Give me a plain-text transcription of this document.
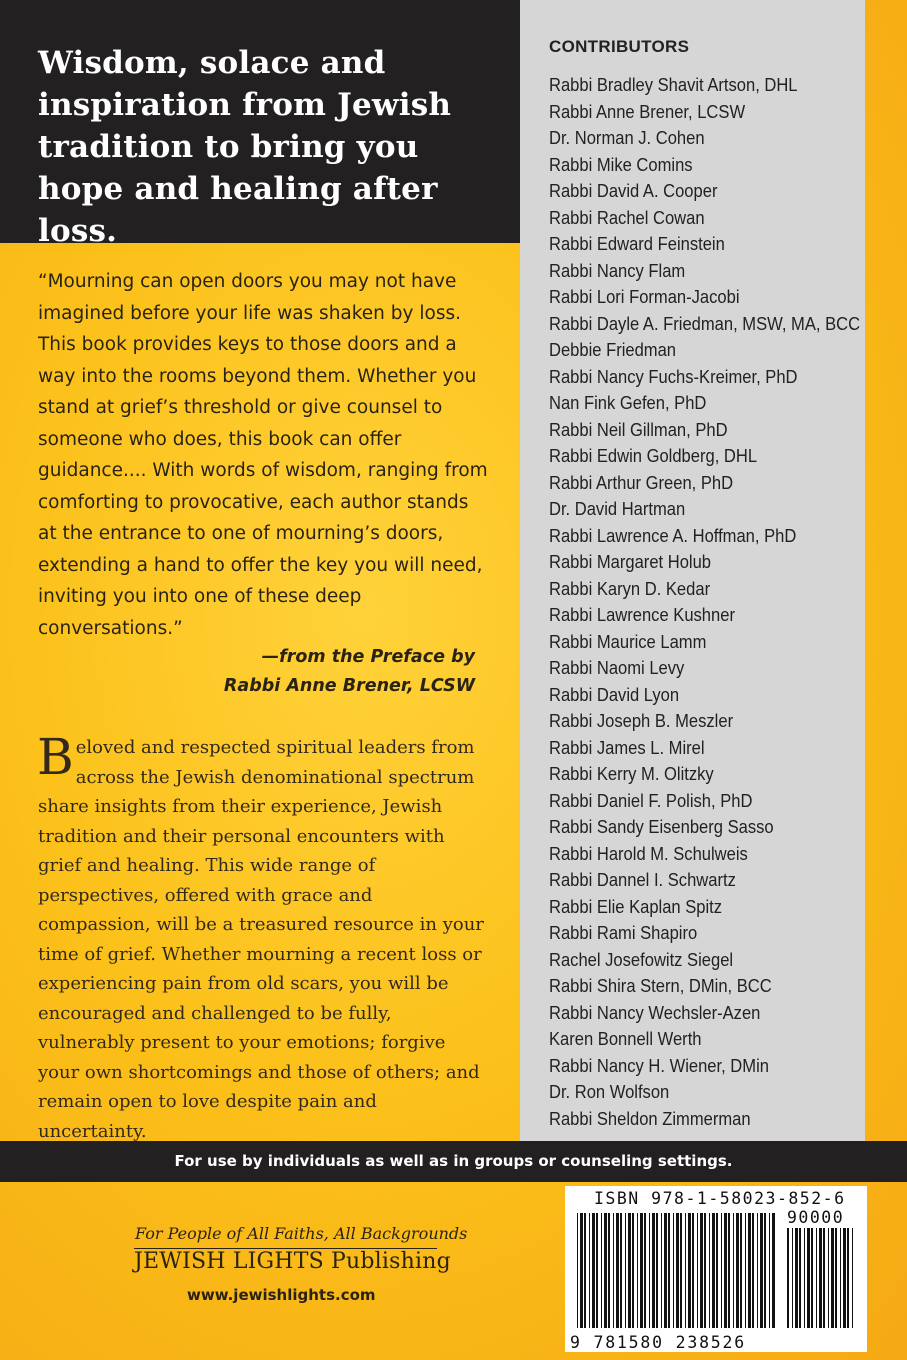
Wisdom, solace and inspiration from Jewish tradition to bring you hope and healing after loss.
CONTRIBUTORS
Rabbi Bradley Shavit Artson, DHL
Rabbi Anne Brener, LCSW
Dr. Norman J. Cohen
Rabbi Mike Comins
Rabbi David A. Cooper
Rabbi Rachel Cowan
Rabbi Edward Feinstein
Rabbi Nancy Flam
Rabbi Lori Forman-Jacobi
Rabbi Dayle A. Friedman, MSW, MA, BCC
Debbie Friedman
Rabbi Nancy Fuchs-Kreimer, PhD
Nan Fink Gefen, PhD
Rabbi Neil Gillman, PhD
Rabbi Edwin Goldberg, DHL
Rabbi Arthur Green, PhD
Dr. David Hartman
Rabbi Lawrence A. Hoffman, PhD
Rabbi Margaret Holub
Rabbi Karyn D. Kedar
Rabbi Lawrence Kushner
Rabbi Maurice Lamm
Rabbi Naomi Levy
Rabbi David Lyon
Rabbi Joseph B. Meszler
Rabbi James L. Mirel
Rabbi Kerry M. Olitzky
Rabbi Daniel F. Polish, PhD
Rabbi Sandy Eisenberg Sasso
Rabbi Harold M. Schulweis
Rabbi Dannel I. Schwartz
Rabbi Elie Kaplan Spitz
Rabbi Rami Shapiro
Rachel Josefowitz Siegel
Rabbi Shira Stern, DMin, BCC
Rabbi Nancy Wechsler-Azen
Karen Bonnell Werth
Rabbi Nancy H. Wiener, DMin
Dr. Ron Wolfson
Rabbi Sheldon Zimmerman
“Mourning can open doors you may not have imagined before your life was shaken by loss. This book provides keys to those doors and a way into the rooms beyond them. Whether you stand at grief’s threshold or give counsel to someone who does, this book can offer guidance.... With words of wisdom, ranging from comforting to provocative, each author stands at the entrance to one of mourning’s doors, extending a hand to offer the key you will need, inviting you into one of these deep conversations.”
—from the Preface by
Rabbi Anne Brener, LCSW
Beloved and respected spiritual leaders from across the Jewish denominational spectrum share insights from their experience, Jewish tradition and their personal encounters with grief and healing. This wide range of perspectives, offered with grace and compassion, will be a treasured resource in your time of grief. Whether mourning a recent loss or experiencing pain from old scars, you will be encouraged and challenged to be fully, vulnerably present to your emotions; forgive your own shortcomings and those of others; and remain open to love despite pain and uncertainty.
For use by individuals as well as in groups or counseling settings.
For People of All Faiths, All Backgrounds
JEWISH LIGHTS Publishing
www.jewishlights.com
ISBN 978-1-58023-852-6
90000
9 781580 238526
